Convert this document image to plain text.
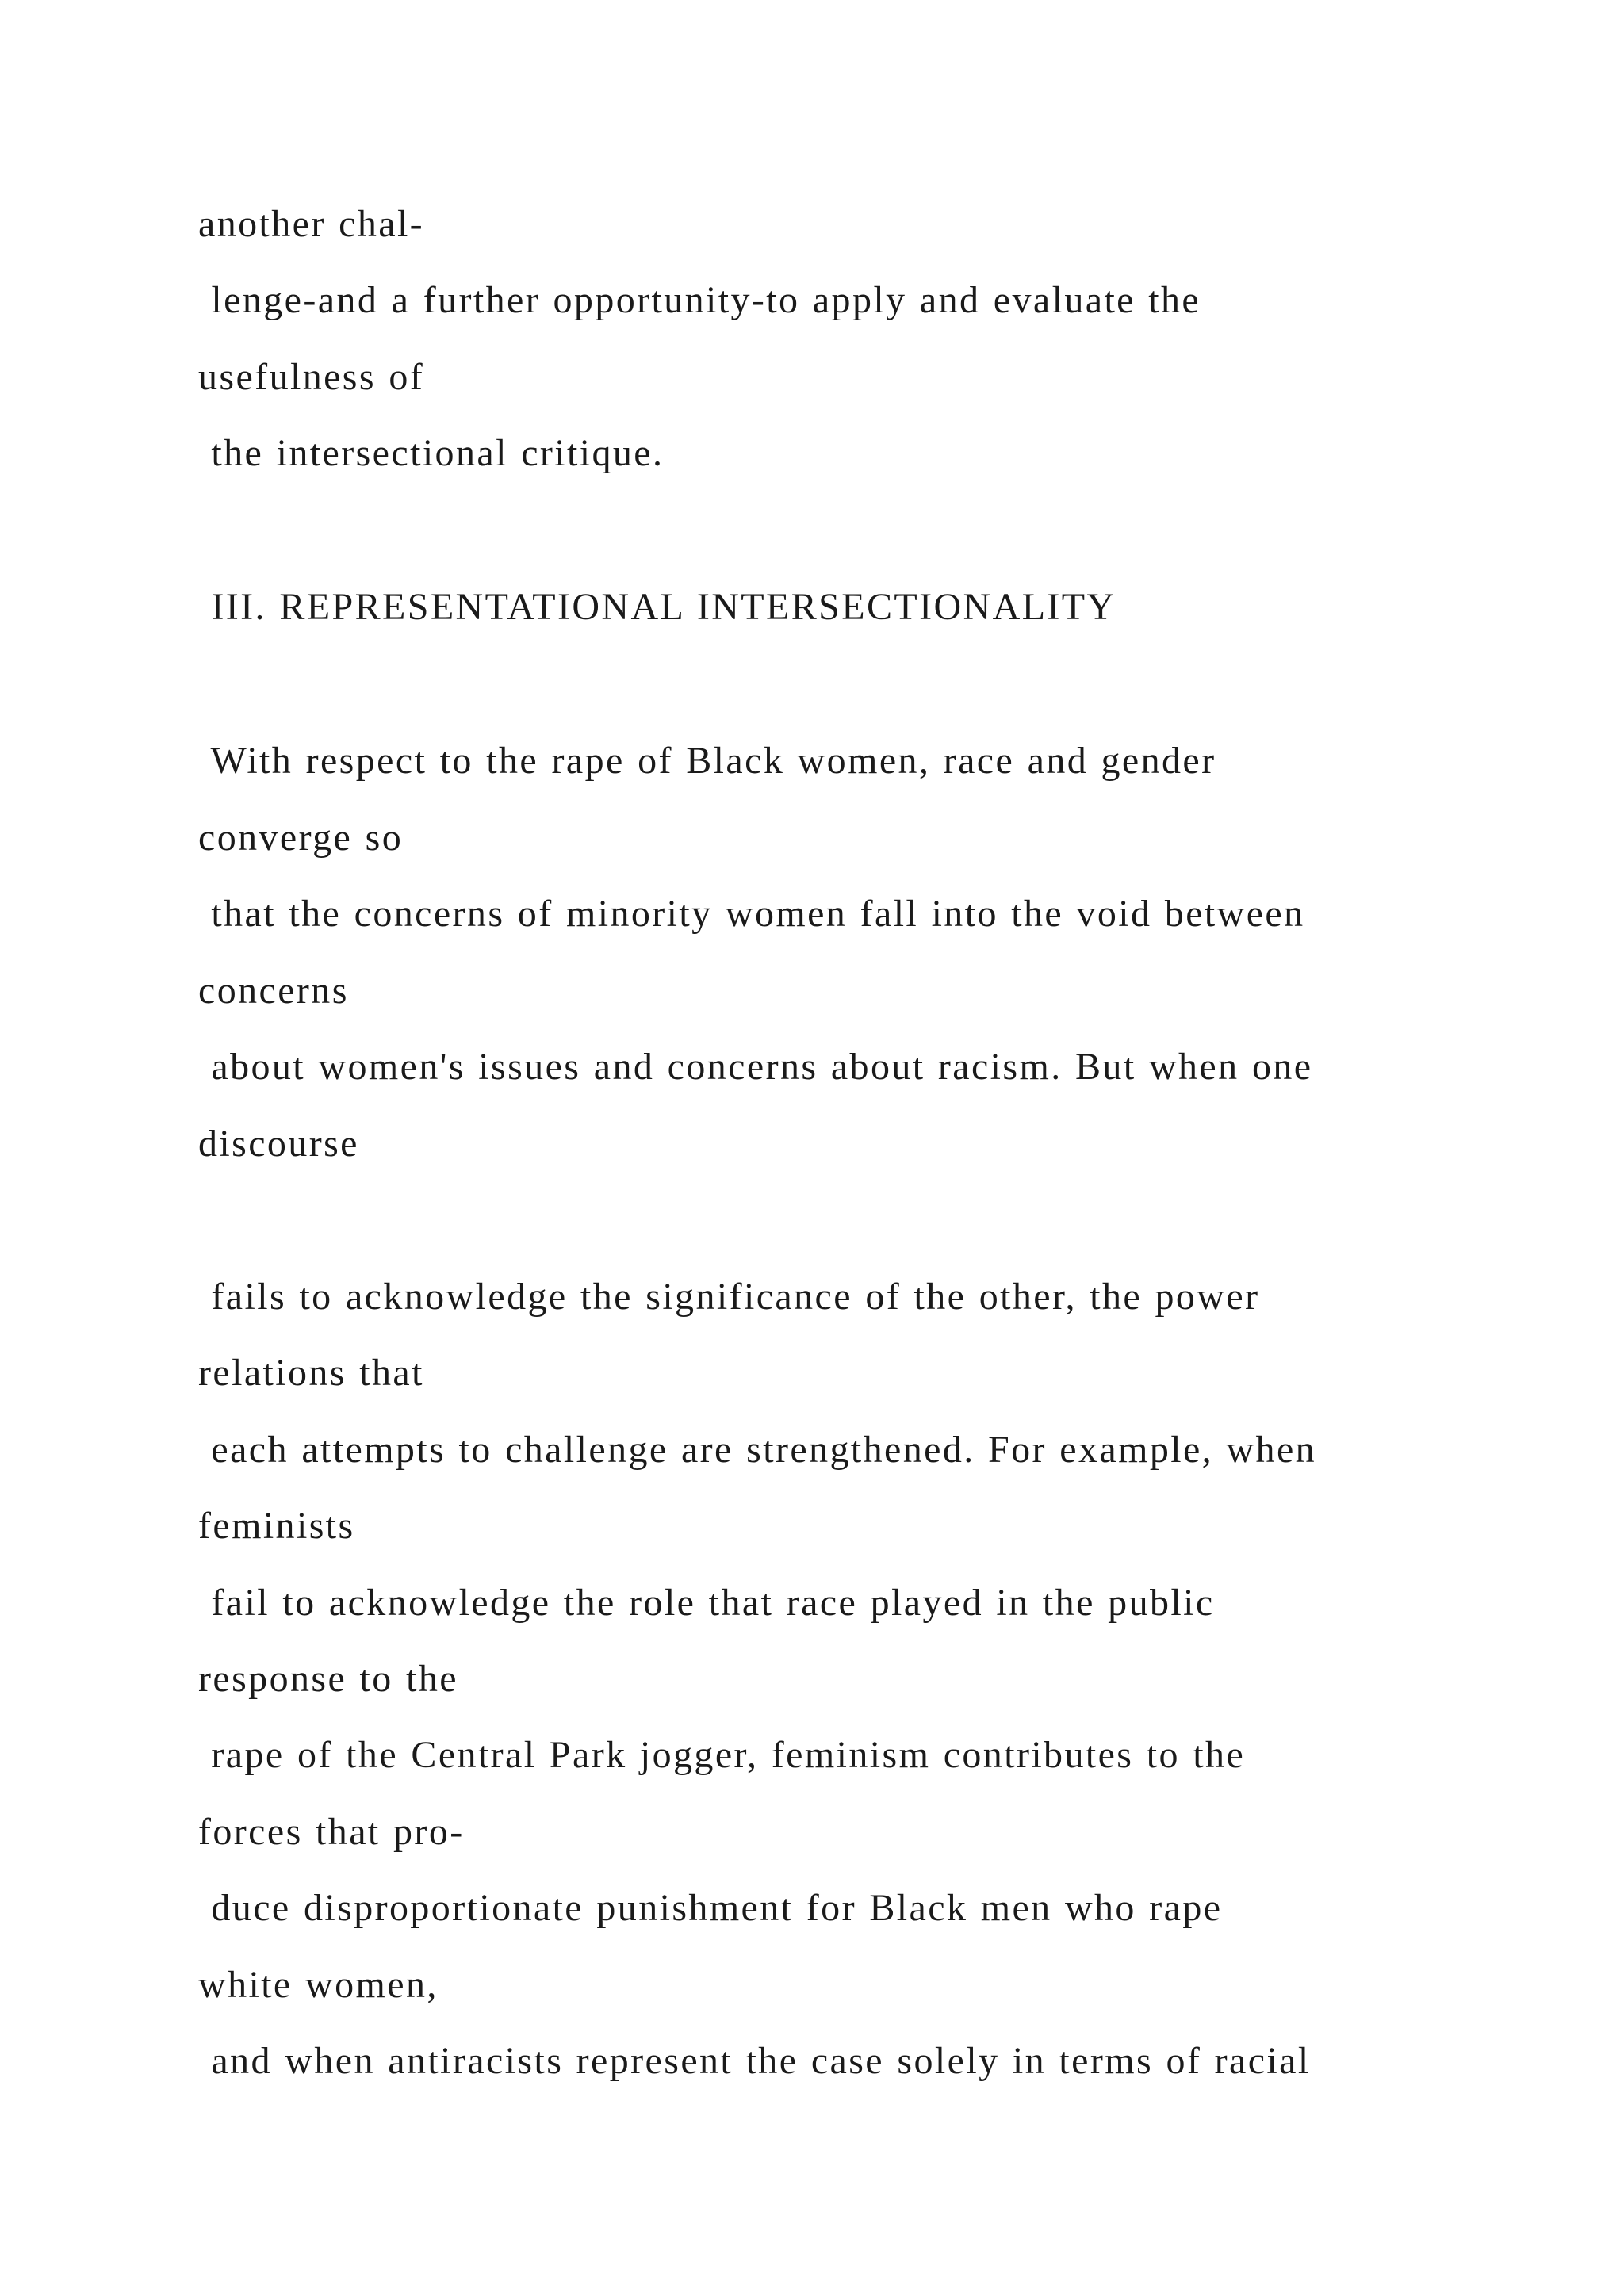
another chal-

lenge-and a further opportunity-to apply and evaluate the

usefulness of

the intersectional critique.

III. REPRESENTATIONAL INTERSECTIONALITY

With respect to the rape of Black women, race and gender

converge so

that the concerns of minority women fall into the void between

concerns

about women's issues and concerns about racism. But when one

discourse

fails to acknowledge the significance of the other, the power

relations that

each attempts to challenge are strengthened. For example, when

feminists

fail to acknowledge the role that race played in the public

response to the

rape of the Central Park jogger, feminism contributes to the

forces that pro-

duce disproportionate punishment for Black men who rape

white women,

and when antiracists represent the case solely in terms of racial
